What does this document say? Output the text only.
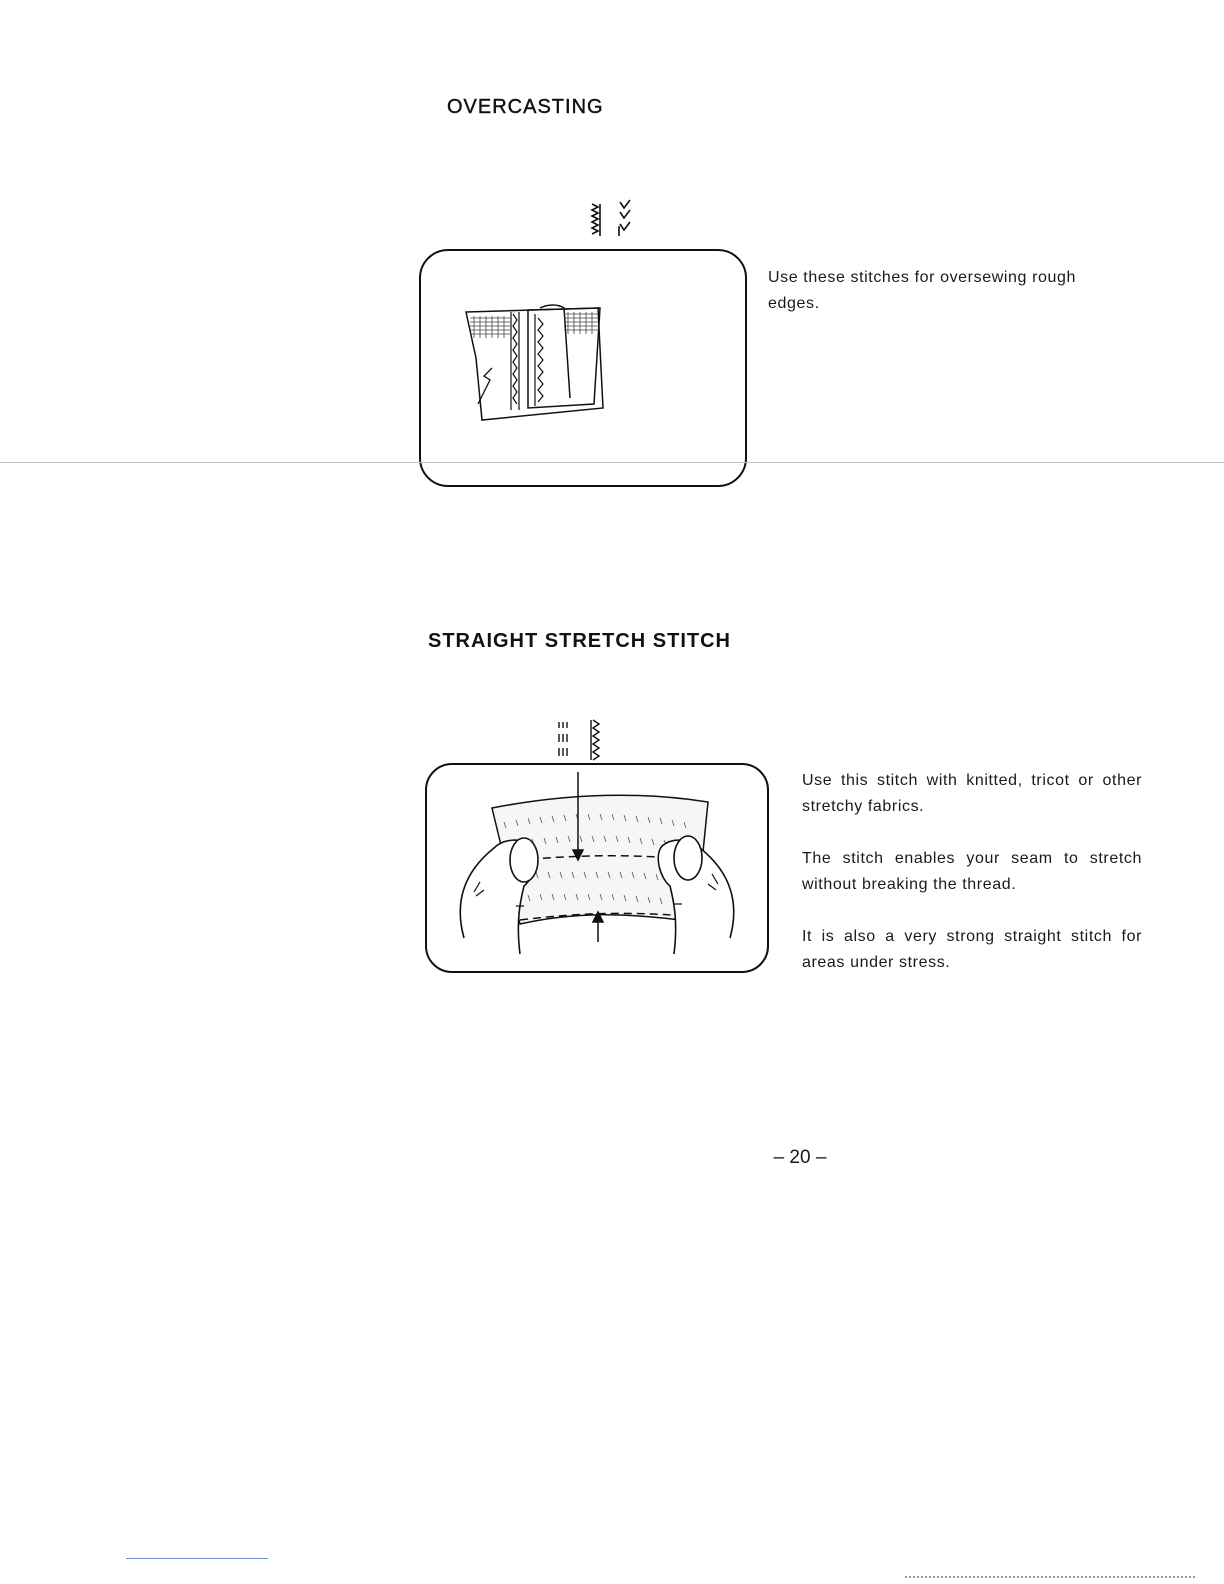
OVERCASTING

Use these stitches for oversewing rough edges.

STRAIGHT STRETCH STITCH

Use this stitch with knitted, tricot or other stretchy fabrics.

The stitch enables your seam to stretch without breaking the thread.

It is also a very strong straight stitch for areas under stress.

– 20 –
